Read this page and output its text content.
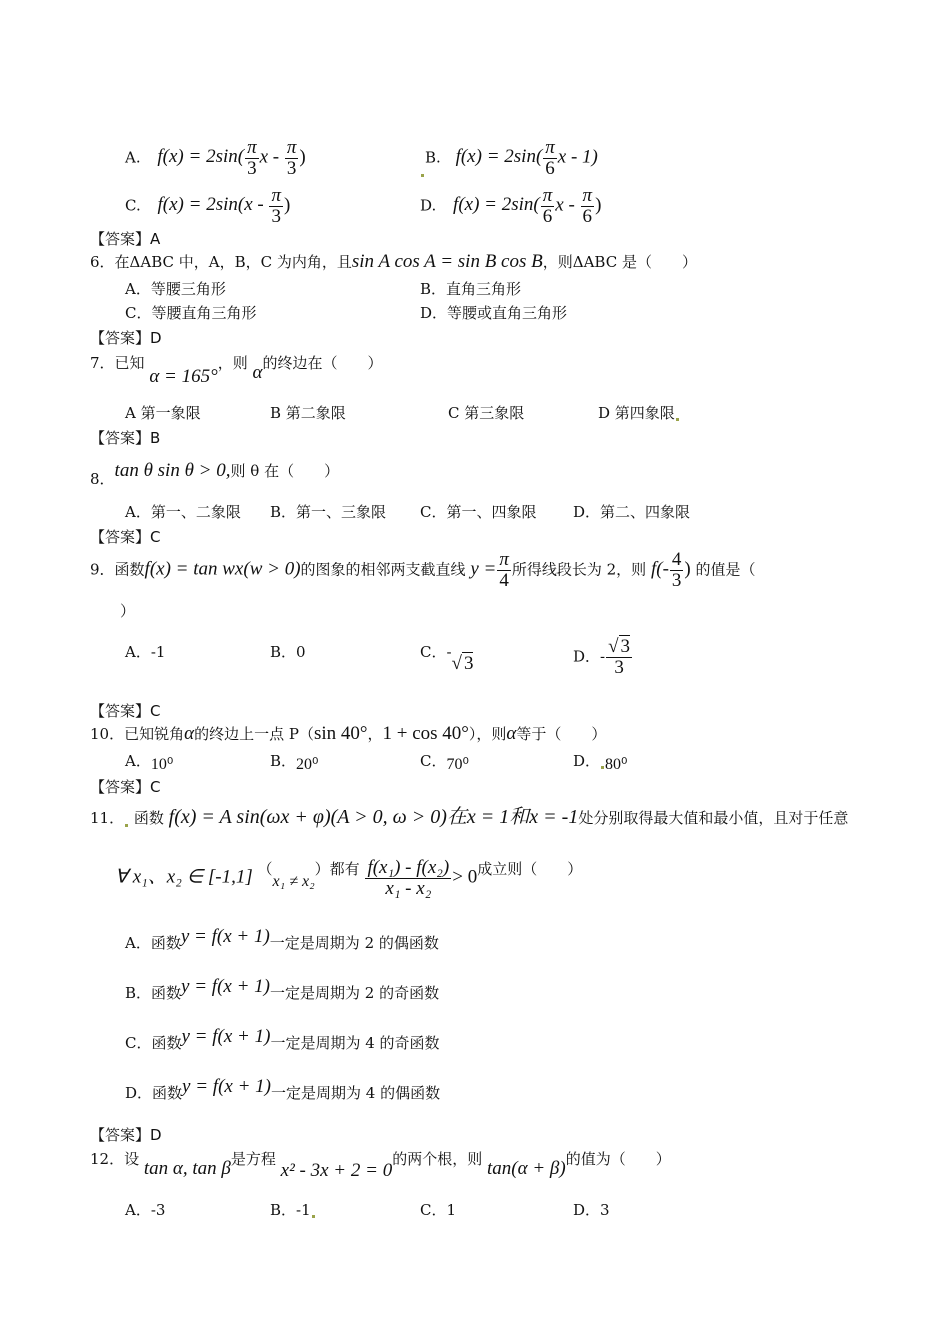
A. $f(x) = 2\sin( \frac{\pi}{3}$ x - $\frac{\pi}{3}$ )	B. $f(x) = 2\sin( \frac{\pi}{6}$ x - 1)
C. $f(x) = 2\sin(x - \frac{\pi}{3}$ )	D. $f(x) = 2\sin( \frac{\pi}{6}$ x - $\frac{\pi}{6}$ )
【答案】A
6．在ΔABC 中，A，B，C 为内角，且sin A cos A = sin B cos B，则ΔABC 是（　　）
A．等腰三角形	B．直角三角形
C．等腰直角三角形	D．等腰或直角三角形
【答案】D
7．已知 α = 165°，则 α的终边在（　　）
A 第一象限	B 第二象限	C 第三象限	D 第四象限
【答案】B
8．tan θ sin θ > 0,则 θ 在（　　）
A．第一、二象限 B．第一、三象限 C．第一、四象限 D．第二、四象限
【答案】C
9．函数f(x) = tan wx(w > 0)的图象的相邻两支截直线 $y = \frac{\pi}{4}$ 所得线段长为 2，则 $f(- \frac{4}{3}$ ) 的值是（
）
A．-1	B．0	C．-√ 3	D．- $\frac{√ 3}{3}$
【答案】C
10．已知锐角α的终边上一点 P（sin 40°，1 + cos 40°），则α等于（　　）
A．10⁰	B．20⁰	C．70⁰	D． 80⁰
【答案】C
11． 函数 f(x) = A sin(ωx + φ)(A > 0, ω > 0)在x = 1和x = -1处分别取得最大值和最小值，且对于任意
∀ x₁、x₂ ∈ [-1,1] （x₁ ≠ x₂）都有 $\frac{\text{f(x₁) - f(x₂)}}{\text{x₁ - x₂}} > 0$成立则（　　）
A．函数y = f(x + 1)一定是周期为 2 的偶函数
B．函数y = f(x + 1)一定是周期为 2 的奇函数
C．函数y = f(x + 1)一定是周期为 4 的奇函数
D．函数y = f(x + 1)一定是周期为 4 的偶函数
【答案】D
12．设 tan α, tan β是方程 x² - 3x + 2 = 0的两个根，则 tan(α + β)的值为（　　）
A．-3	B．-1	C．1	D．3
